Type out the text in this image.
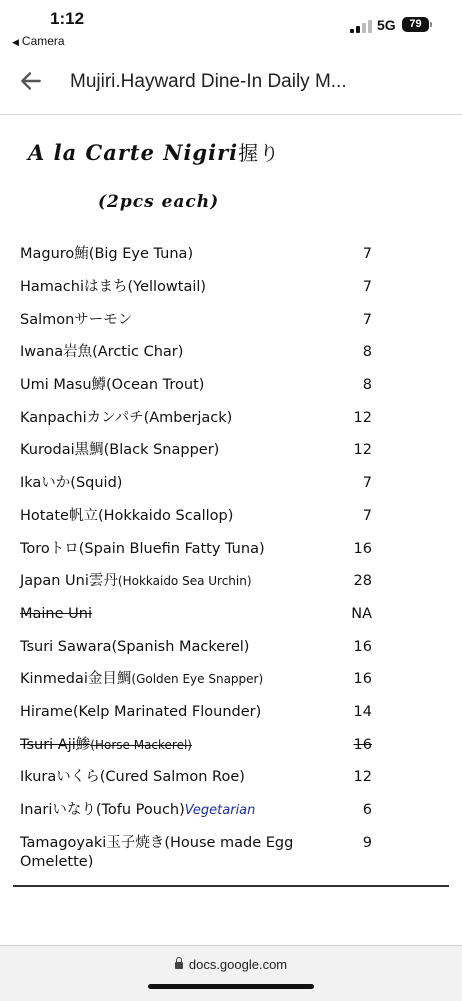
1:12
◀ Camera
5G	79
Mujiri.Hayward Dine-In Daily M...
A la Carte Nigiri握り
(2pcs each)
Maguro鮪(Big Eye Tuna)	7
Hamachiはまち(Yellowtail)	7
Salmonサーモン	7
Iwana岩魚(Arctic Char)	8
Umi Masu鱒(Ocean Trout)	8
Kanpachiカンパチ(Amberjack)	12
Kurodai黒鯛(Black Snapper)	12
Ikaいか(Squid)	7
Hotate帆立(Hokkaido Scallop)	7
Toroトロ(Spain Bluefin Fatty Tuna)	16
Japan Uni雲丹(Hokkaido Sea Urchin)	28
Maine Uni	NA
Tsuri Sawara(Spanish Mackerel)	16
Kinmedai金目鯛(Golden Eye Snapper)	16
Hirame(Kelp Marinated Flounder)	14
Tsuri Aji鯵(Horse Mackerel)	16
Ikuraいくら(Cured Salmon Roe)	12
Inariいなり(Tofu Pouch)Vegetarian	6
Tamagoyaki玉子焼き(House made Egg Omelette)
9
docs.google.com
